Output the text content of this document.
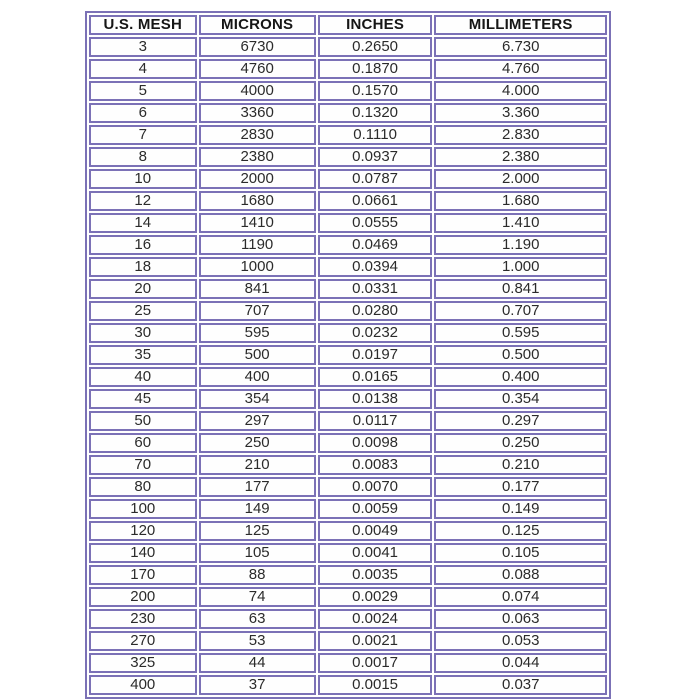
U.S. MESH	MICRONS	INCHES	MILLIMETERS
3	6730	0.2650	6.730
4	4760	0.1870	4.760
5	4000	0.1570	4.000
6	3360	0.1320	3.360
7	2830	0.1110	2.830
8	2380	0.0937	2.380
10	2000	0.0787	2.000
12	1680	0.0661	1.680
14	1410	0.0555	1.410
16	1190	0.0469	1.190
18	1000	0.0394	1.000
20	841	0.0331	0.841
25	707	0.0280	0.707
30	595	0.0232	0.595
35	500	0.0197	0.500
40	400	0.0165	0.400
45	354	0.0138	0.354
50	297	0.0117	0.297
60	250	0.0098	0.250
70	210	0.0083	0.210
80	177	0.0070	0.177
100	149	0.0059	0.149
120	125	0.0049	0.125
140	105	0.0041	0.105
170	88	0.0035	0.088
200	74	0.0029	0.074
230	63	0.0024	0.063
270	53	0.0021	0.053
325	44	0.0017	0.044
400	37	0.0015	0.037
